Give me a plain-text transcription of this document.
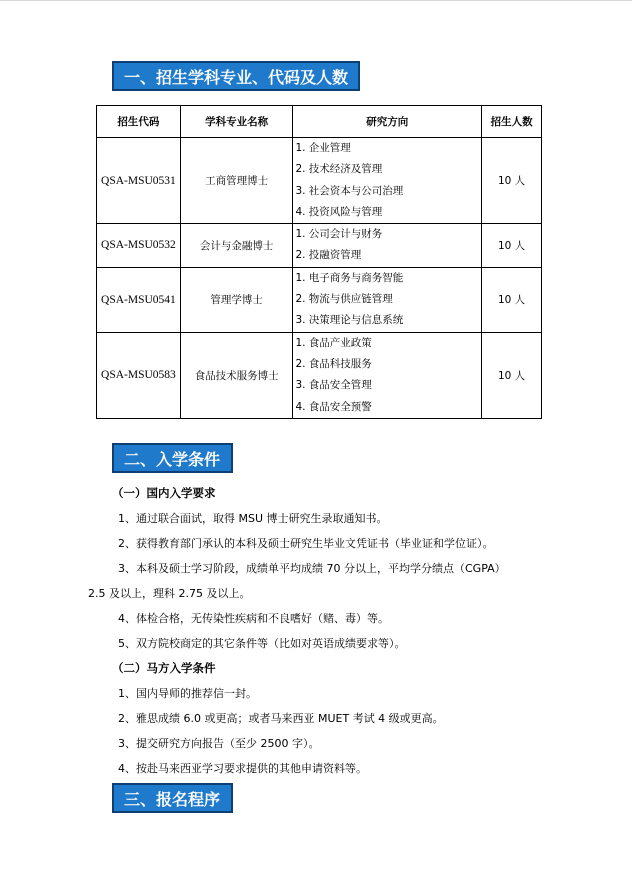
一、招生学科专业、代码及人数
招生代码	学科专业名称	研究方向	招生人数
QSA-MSU0531	工商管理博士	1. 企业管理
2. 技术经济及管理
3. 社会资本与公司治理
4. 投资风险与管理	10 人
QSA-MSU0532	会计与金融博士	1. 公司会计与财务
2. 投融资管理	10 人
QSA-MSU0541	管理学博士	1. 电子商务与商务智能
2. 物流与供应链管理
3. 决策理论与信息系统	10 人
QSA-MSU0583	食品技术服务博士	1. 食品产业政策
2. 食品科技服务
3. 食品安全管理
4. 食品安全预警	10 人
二、入学条件
（一）国内入学要求
1、通过联合面试，取得 MSU 博士研究生录取通知书。
2、获得教育部门承认的本科及硕士研究生毕业文凭证书（毕业证和学位证）。
3、本科及硕士学习阶段，成绩单平均成绩 70 分以上，平均学分绩点（CGPA）
2.5 及以上，理科 2.75 及以上。
4、体检合格，无传染性疾病和不良嗜好（赌、毒）等。
5、双方院校商定的其它条件等（比如对英语成绩要求等）。
（二）马方入学条件
1、国内导师的推荐信一封。
2、雅思成绩 6.0 或更高；或者马来西亚 MUET 考试 4 级或更高。
3、提交研究方向报告（至少 2500 字）。
4、按赴马来西亚学习要求提供的其他申请资料等。
三、报名程序
